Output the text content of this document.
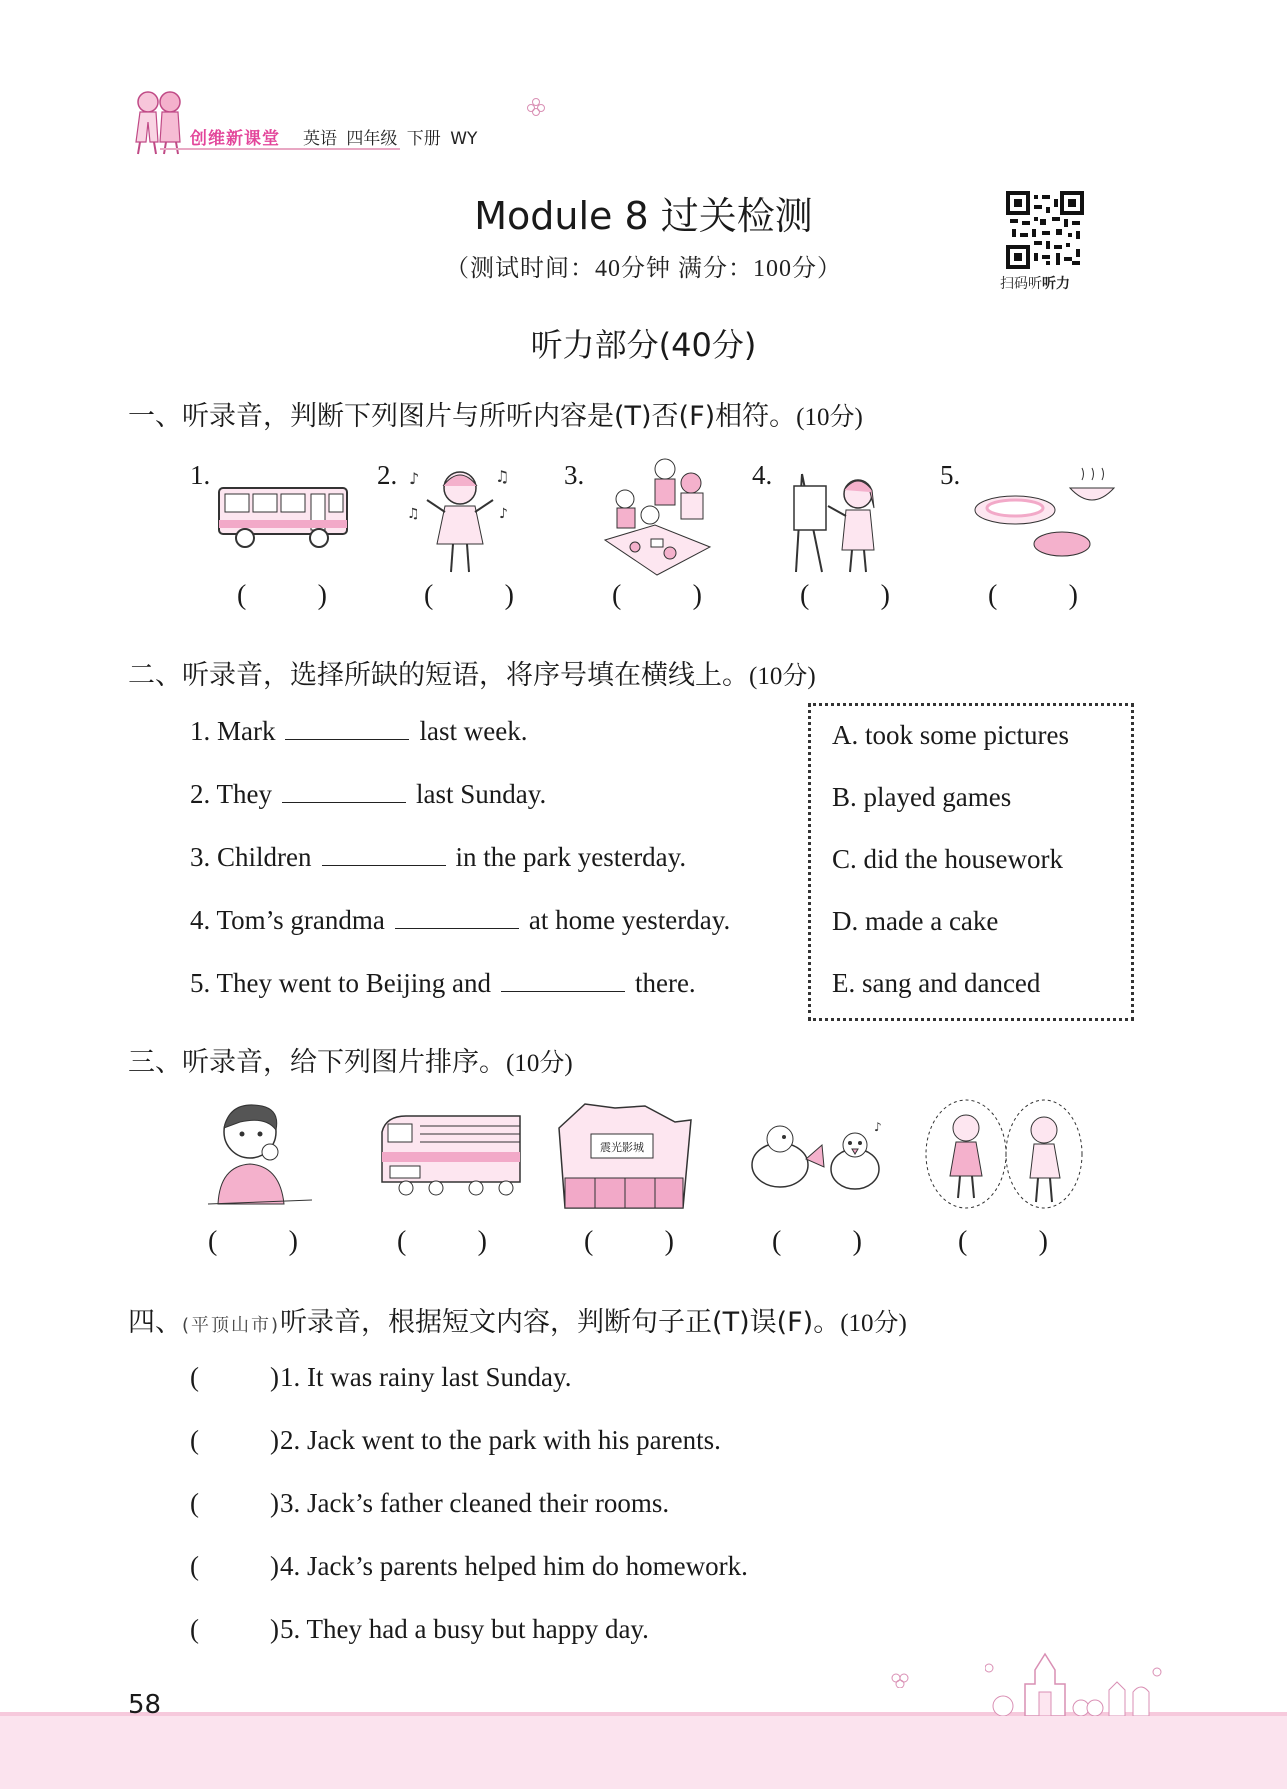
创维新课堂 英语 四年级 下册 WY
Module 8 过关检测
（测试时间：40分钟 满分：100分）
扫码听听力
听力部分(40分)
一、听录音，判断下列图片与所听内容是(T)否(F)相符。(10分)
1.	2.	3.	4.	5.
♪	♫
♪
♫
(	)	(	)	(	)	(	)	(	)
二、听录音，选择所缺的短语，将序号填在横线上。(10分)
1. Mark	last week.
2. They	last Sunday.
3. Children	in the park yesterday.
4. Tom’s grandma	at home yesterday.
5. They went to Beijing and	there.
A. took some pictures
B. played games
C. did the housework
D. made a cake
E. sang and danced
三、听录音，给下列图片排序。(10分)
震光影城
♪
(	)	(	)	(	)	(	)	(	)
四、(平顶山市)听录音，根据短文内容，判断句子正(T)误(F)。(10分)
(	1. It was rainy last Sunday.
)
(	2. Jack went to the park with his parents.
)
(	3. Jack’s father cleaned their rooms.
)
(	4. Jack’s parents helped him do homework.
)
(	5. They had a busy but happy day.
)
58
